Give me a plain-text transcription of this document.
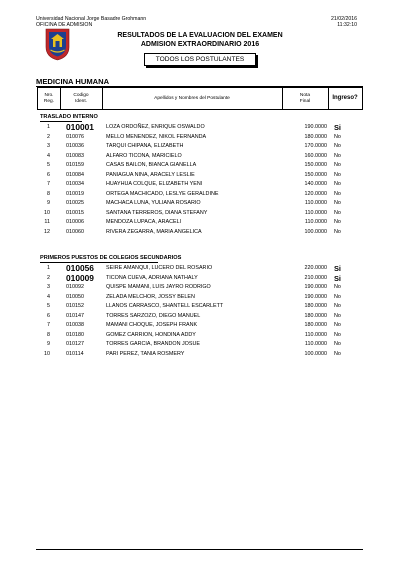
Universidad Nacional Jorge Basadre Grohmann
OFICINA DE ADMISION
21/02/2016
11:32:10
RESULTADOS DE LA EVALUACION DEL EXAMEN
ADMISION EXTRAORDINARIO 2016
TODOS LOS POSTULANTES
MEDICINA HUMANA
Nro.
Reg.
Codigo
Ident.
Apellidos y Nombres del Postulante
Nota
Final
Ingreso?
TRASLADO INTERNO
1 010001 LOZA ORDOÑEZ, ENRIQUE OSWALDO	190.0000 Si
2	010076	MELLO MENENDEZ, NIKOL FERNANDA	180.0000 No
3	010036	TARQUI CHIPANA, ELIZABETH	170.0000 No
4	010083	ALFARO TICONA, MARICIELO	160.0000 No
5	010159	CASAS BAILON, BIANCA GIANELLA	150.0000 No
6	010084	PANIAGUA NINA, ARACELY LESLIE	150.0000 No
7	010034	HUAYHUA COLQUE, ELIZABETH YENI	140.0000 No
8	010019	ORTEGA MACHICADO, LESLYE GERALDINE	120.0000 No
9	010025	MACHACA LUNA, YULIANA ROSARIO	110.0000 No
10	010015	SANTANA TERREROS, DIANA STEFANY	110.0000 No
11	010006	MENDOZA LUPACA, ARACELI	110.0000 No
12	010060	RIVERA ZEGARRA, MARIA ANGELICA	100.0000 No
PRIMEROS PUESTOS DE COLEGIOS SECUNDARIOS
1 010056 SEIRE AMANQUI, LUCERO DEL ROSARIO	220.0000 Si
2 010009 TICONA CUEVA, ADRIANA NATHALY	210.0000 Si
3	010092	QUISPE MAMANI, LUIS JAYRO RODRIGO	190.0000 No
4	010050	ZELADA MELCHOR, JOSSY BELEN	190.0000 No
5	010152	LLANOS CARRASCO, SHANTELL ESCARLETT	180.0000 No
6	010147	TORRES SARZOZO, DIEGO MANUEL	180.0000 No
7	010038	MAMANI CHOQUE, JOSEPH FRANK	180.0000 No
8	010180	GOMEZ CARRION, HONDINA ADDY	110.0000 No
9	010127	TORRES GARCIA, BRANDON JOSUE	110.0000 No
10	010114	PARI PEREZ, TANIA ROSMERY	100.0000 No
